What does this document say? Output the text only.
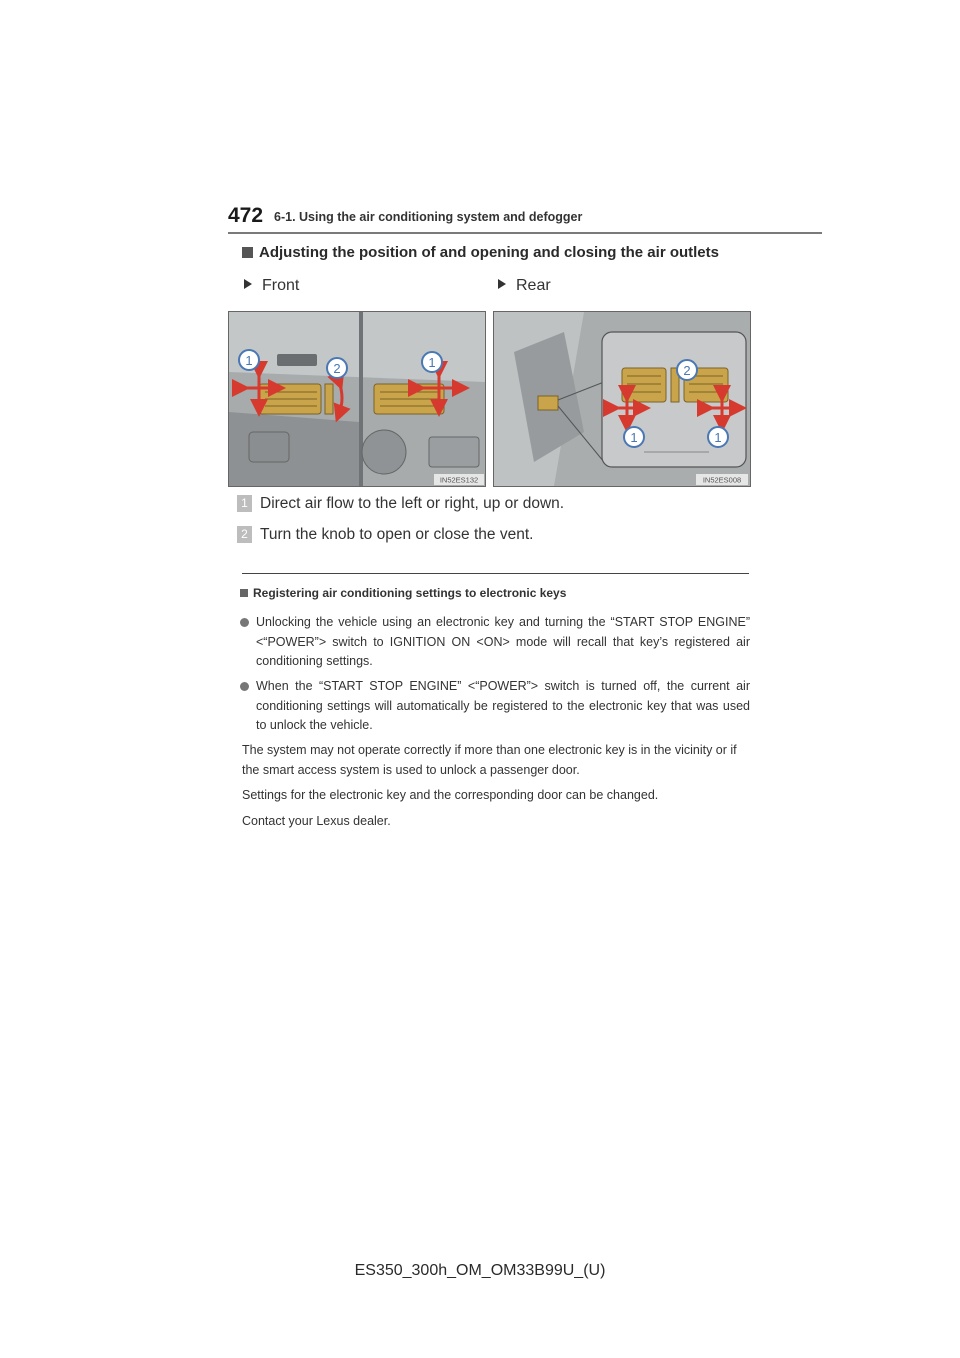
472 6-1. Using the air conditioning system and defogger
Adjusting the position of and opening and closing the air outlets
Front	Rear
1
2	1
IN52ES132
2
1	1
IN52ES008
1 Direct air flow to the left or right, up or down.
2 Turn the knob to open or close the vent.
Registering air conditioning settings to electronic keys
Unlocking the vehicle using an electronic key and turning the “START STOP ENGINE” <“POWER”> switch to IGNITION ON <ON> mode will recall that key’s registered air conditioning settings.
When the “START STOP ENGINE” <“POWER”> switch is turned off, the current air conditioning settings will automatically be registered to the electronic key that was used to unlock the vehicle.
The system may not operate correctly if more than one electronic key is in the vicinity or if the smart access system is used to unlock a passenger door.
Settings for the electronic key and the corresponding door can be changed.
Contact your Lexus dealer.
ES350_300h_OM_OM33B99U_(U)
